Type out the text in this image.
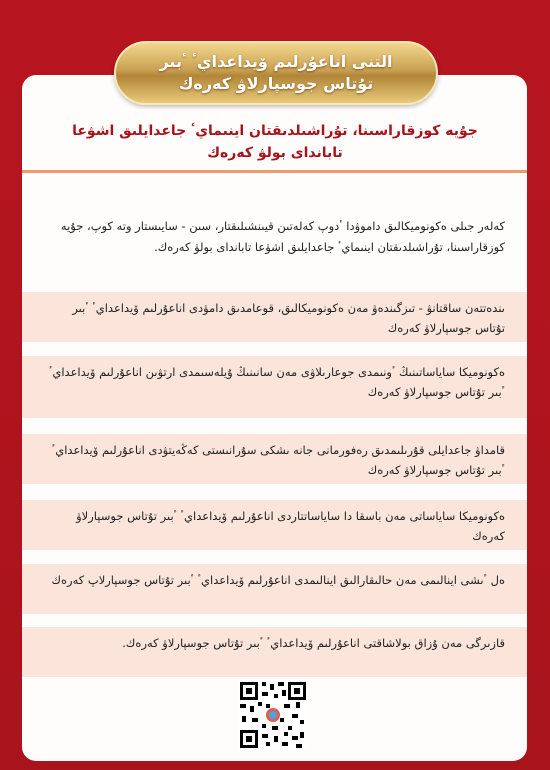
التنى اناعۇرلىم ۆيداعدايٴ ٴبىر تۇتاس جوسپارلاۋ كەرەك
جۇيە كوزقاراسىنا، تۇراشىلدىقتان اينىمايٴ جاعدايلىق اشۋعا تابانداى بولۋ كەرەك
كەلەر جىلى ەكونوميكالىق داموۋدا ٴدوپ كەلەتىن قيىنشىلىقتار، سىن - سايىستار وتە كوپ، جۇيە كوزقاراسىنا، تۇراشىلدىقتان اينىمايٴ جاعدايلىق اشۋعا تابانداى بولۋ كەرەك.
ىندەتتەن ساقتانۋ - تىزگىندەۋ مەن ەكونوميكالىق، قوعامدىق دامۋدى اناعۇرلىم ۆيداعدايٴ ٴبىر تۇتاس جوسپارلاۋ كەرەك
ەكونوميكا ساياساتىنىڭ ٴونىمدى جوعارىلاۋى مەن سانىنىڭ ۇيلەسىمدى ارتۋىن اناعۇرلىم ۆيداعدايٴ ٴبىر تۇتاس جوسپارلاۋ كەرەك
قامداۋ جاعدايلى قۇرىلىمدىق رەفورمانى جانە ىشكى سۇرانىستى كەڭەيتۋدى اناعۇرلىم ۆيداعدايٴ ٴبىر تۇتاس جوسپارلاۋ كەرەك
ەكونوميكا ساياساتى مەن باسقا دا ساياساتتاردى اناعۇرلىم ۆيداعدايٴ ٴبىر تۇتاس جوسپارلاۋ كەرەك
ەل ٴىشى اينالىمى مەن حالىقارالىق اينالىمدى اناعۇرلىم ۆيداعدايٴ ٴبىر تۇتاس جوسپارلاپ كەرەك
قازىرگى مەن ۇزاق بولاشاقتى اناعۇرلىم ۆيداعدايٴ ٴبىر تۇتاس جوسپارلاۋ كەرەك.
